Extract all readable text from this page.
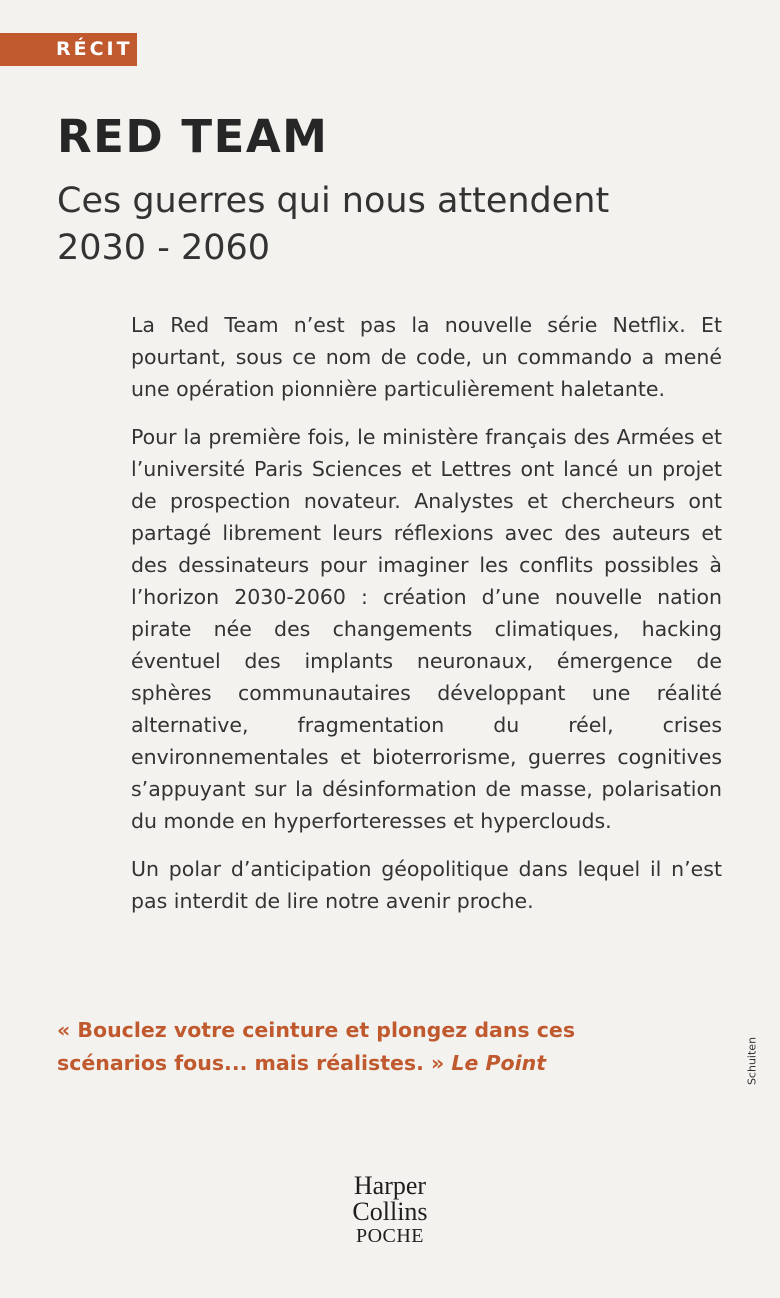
RÉCIT
RED TEAM
Ces guerres qui nous attendent
2030 - 2060

La Red Team n’est pas la nouvelle série Netflix. Et pourtant, sous ce nom de code, un commando a mené une opération pionnière particulièrement haletante.

Pour la première fois, le ministère français des Armées et l’université Paris Sciences et Lettres ont lancé un projet de prospection novateur. Analystes et chercheurs ont partagé librement leurs réflexions avec des auteurs et des dessinateurs pour imaginer les conflits possibles à l’horizon 2030-2060 : création d’une nouvelle nation pirate née des changements climatiques, hacking éventuel des implants neuronaux, émergence de sphères communautaires développant une réalité alternative, fragmentation du réel, crises environnementales et bioterrorisme, guerres cognitives s’appuyant sur la désinformation de masse, polarisation du monde en hyperforteresses et hyperclouds.

Un polar d’anticipation géopolitique dans lequel il n’est pas interdit de lire notre avenir proche.

« Bouclez votre ceinture et plongez dans ces scénarios fous... mais réalistes. » Le Point	Schuiten
Harper
Collins
POCHE
